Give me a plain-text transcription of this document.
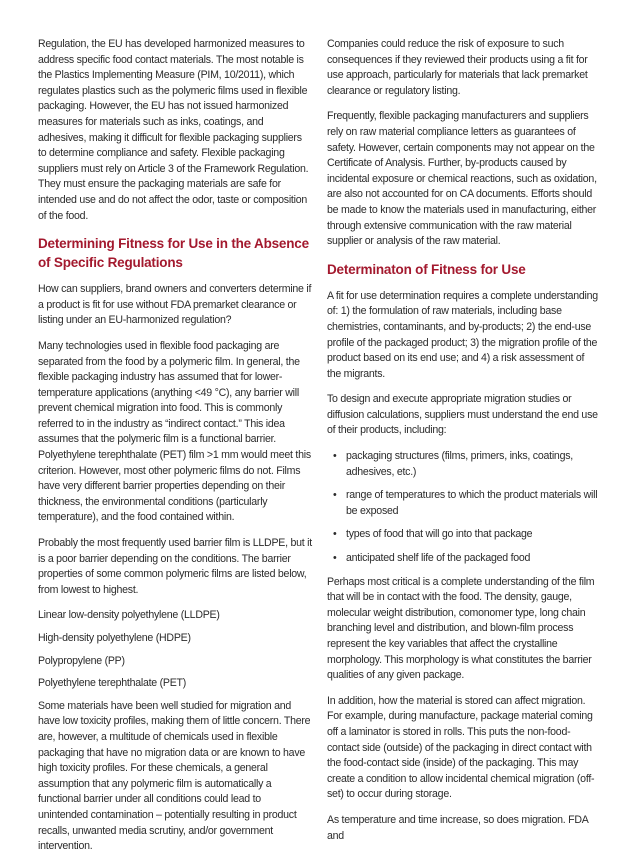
Regulation, the EU has developed harmonized measures to address specific food contact materials. The most notable is the Plastics Implementing Measure (PIM, 10/2011), which regulates plastics such as the polymeric films used in flexible packaging. However, the EU has not issued harmonized measures for materials such as inks, coatings, and adhesives, making it difficult for flexible packaging suppliers to determine compliance and safety. Flexible packaging suppliers must rely on Article 3 of the Framework Regulation. They must ensure the packaging materials are safe for intended use and do not affect the odor, taste or composition of the food.

Determining Fitness for Use in the Absence of Specific Regulations

How can suppliers, brand owners and converters determine if a product is fit for use without FDA premarket clearance or listing under an EU-harmonized regulation?

Many technologies used in flexible food packaging are separated from the food by a polymeric film. In general, the flexible packaging industry has assumed that for lower-temperature applications (anything <49 °C), any barrier will prevent chemical migration into food. This is commonly referred to in the industry as “indirect contact.” This idea assumes that the polymeric film is a functional barrier. Polyethylene terephthalate (PET) film >1 mm would meet this criterion. However, most other polymeric films do not. Films have very different barrier properties depending on their thickness, the environmental conditions (particularly temperature), and the food contained within.

Probably the most frequently used barrier film is LLDPE, but it is a poor barrier depending on the conditions. The barrier properties of some common polymeric films are listed below, from lowest to highest.

Linear low-density polyethylene (LLDPE)

High-density polyethylene (HDPE)

Polypropylene (PP)

Polyethylene terephthalate (PET)

Some materials have been well studied for migration and have low toxicity profiles, making them of little concern. There are, however, a multitude of chemicals used in flexible packaging that have no migration data or are known to have high toxicity profiles. For these chemicals, a general assumption that any polymeric film is automatically a functional barrier under all conditions could lead to unintended contamination – potentially resulting in product recalls, unwanted media scrutiny, and/or government intervention.

Companies could reduce the risk of exposure to such consequences if they reviewed their products using a fit for use approach, particularly for materials that lack premarket clearance or regulatory listing.

Frequently, flexible packaging manufacturers and suppliers rely on raw material compliance letters as guarantees of safety. However, certain components may not appear on the Certificate of Analysis. Further, by-products caused by incidental exposure or chemical reactions, such as oxidation, are also not accounted for on CA documents. Efforts should be made to know the materials used in manufacturing, either through extensive communication with the raw material supplier or analysis of the raw material.

Determinaton of Fitness for Use

A fit for use determination requires a complete understanding of: 1) the formulation of raw materials, including base chemistries, contaminants, and by-products; 2) the end-use profile of the packaged product; 3) the migration profile of the product based on its end use; and 4) a risk assessment of the migrants.

To design and execute appropriate migration studies or diffusion calculations, suppliers must understand the end use of their products, including:

• packaging structures (films, primers, inks, coatings, adhesives, etc.)
• range of temperatures to which the product materials will be exposed
• types of food that will go into that package
• anticipated shelf life of the packaged food

Perhaps most critical is a complete understanding of the film that will be in contact with the food. The density, gauge, molecular weight distribution, comonomer type, long chain branching level and distribution, and blown-film process represent the key variables that affect the crystalline morphology. This morphology is what constitutes the barrier qualities of any given package.

In addition, how the material is stored can affect migration. For example, during manufacture, package material coming off a laminator is stored in rolls. This puts the non-food-contact side (outside) of the packaging in direct contact with the food-contact side (inside) of the packaging. This may create a condition to allow incidental chemical migration (off-set) to occur during storage.

As temperature and time increase, so does migration. FDA and
